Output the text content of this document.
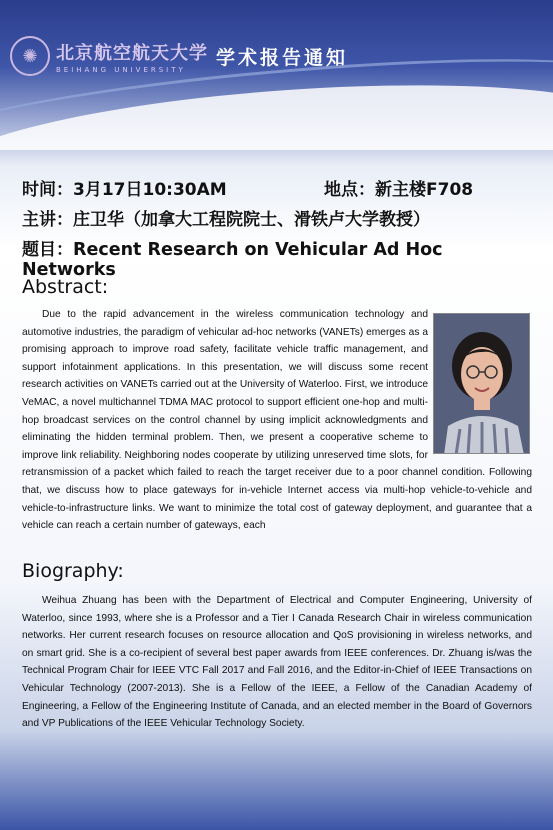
✺	北京航空航天大学
BEIHANG UNIVERSITY
学术报告通知
时间：3月17日10:30AM	地点：新主楼F708
主讲：庄卫华（加拿大工程院院士、滑铁卢大学教授）
题目：Recent Research on Vehicular Ad Hoc Networks
Abstract:
Due to the rapid advancement in the wireless communication technology and automotive industries, the paradigm of vehicular ad-hoc networks (VANETs) emerges as a promising approach to improve road safety, facilitate vehicle traffic management, and support infotainment applications. In this presentation, we will discuss some recent research activities on VANETs carried out at the University of Waterloo. First, we introduce VeMAC, a novel multichannel TDMA MAC protocol to support efficient one-hop and multi-hop broadcast services on the control channel by using implicit acknowledgments and eliminating the hidden terminal problem. Then, we present a cooperative scheme to improve link reliability. Neighboring nodes cooperate by utilizing unreserved time slots, for retransmission of a packet which failed to reach the target receiver due to a poor channel condition. Following that, we discuss how to place gateways for in-vehicle Internet access via multi-hop vehicle-to-vehicle and vehicle-to-infrastructure links. We want to minimize the total cost of gateway deployment, and guarantee that a vehicle can reach a certain number of gateways, each
Biography:
Weihua Zhuang has been with the Department of Electrical and Computer Engineering, University of Waterloo, since 1993, where she is a Professor and a Tier I Canada Research Chair in wireless communication networks. Her current research focuses on resource allocation and QoS provisioning in wireless networks, and on smart grid. She is a co-recipient of several best paper awards from IEEE conferences. Dr. Zhuang is/was the Technical Program Chair for IEEE VTC Fall 2017 and Fall 2016, and the Editor-in-Chief of IEEE Transactions on Vehicular Technology (2007-2013). She is a Fellow of the IEEE, a Fellow of the Canadian Academy of Engineering, a Fellow of the Engineering Institute of Canada, and an elected member in the Board of Governors and VP Publications of the IEEE Vehicular Technology Society.
